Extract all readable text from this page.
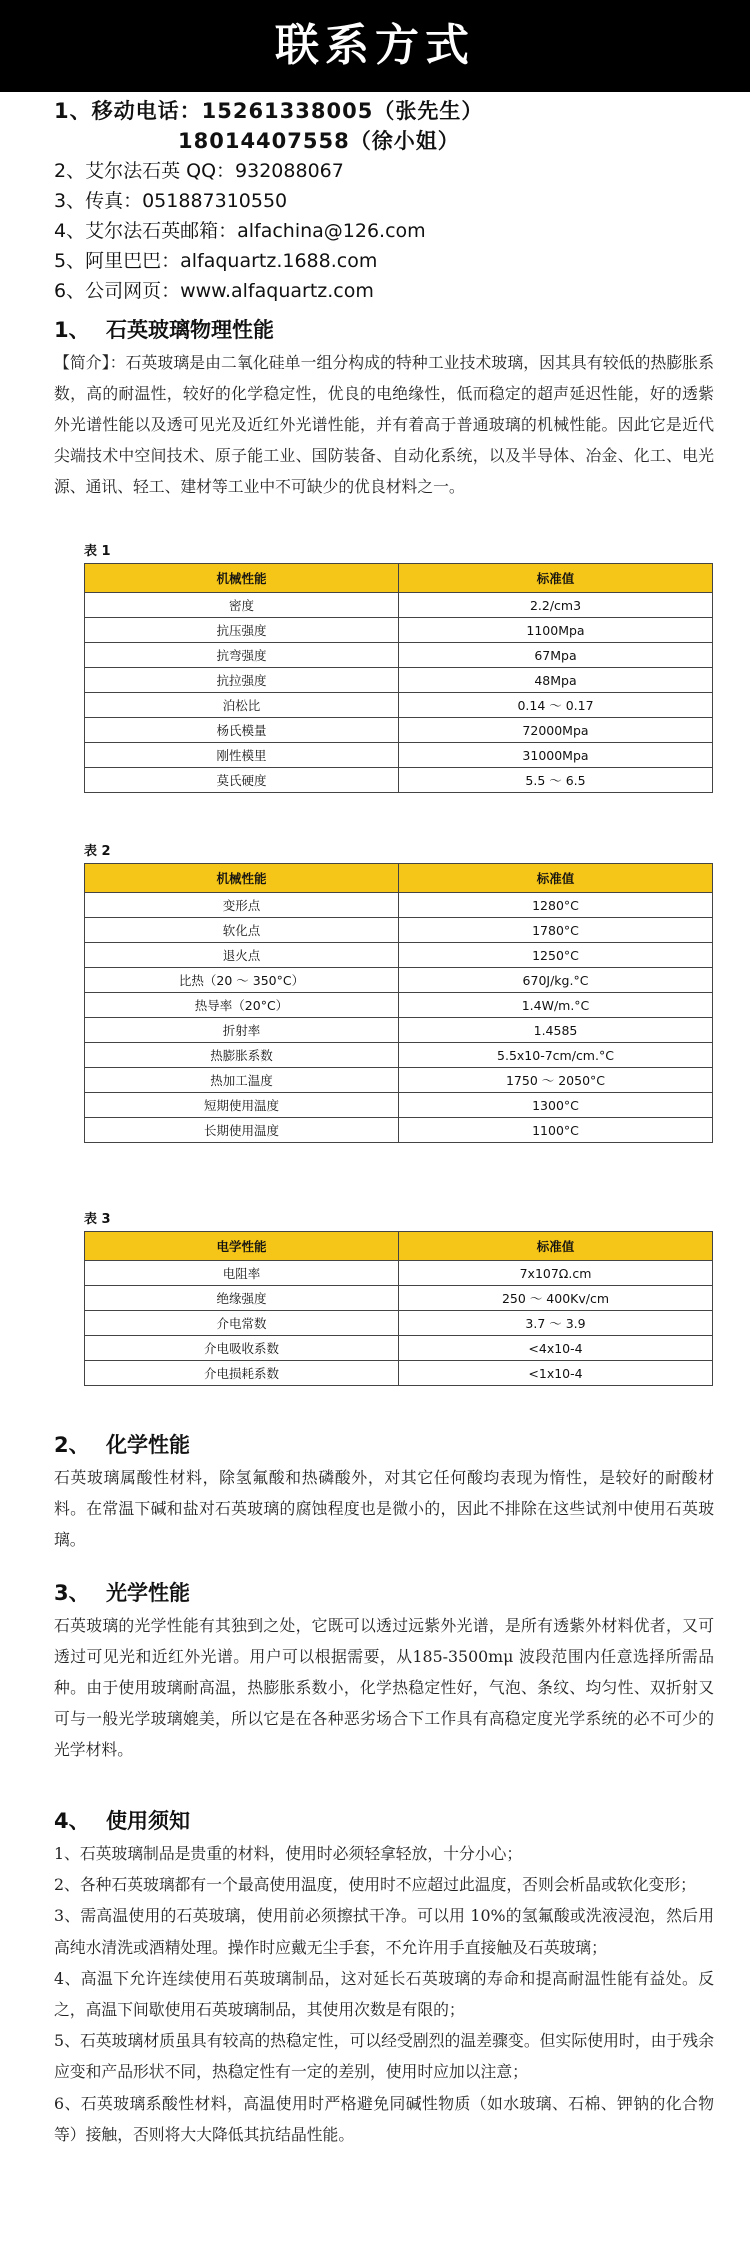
联系方式
1、移动电话：15261338005（张先生）
18014407558（徐小姐）
2、艾尔法石英 QQ：932088067
3、传真：051887310550
4、艾尔法石英邮箱：alfachina@126.com
5、阿里巴巴：alfaquartz.1688.com
6、公司网页：www.alfaquartz.com
1、 石英玻璃物理性能

【简介】：石英玻璃是由二氧化硅单一组分构成的特种工业技术玻璃，因其具有较低的热膨胀系数，高的耐温性，较好的化学稳定性，优良的电绝缘性，低而稳定的超声延迟性能，好的透紫外光谱性能以及透可见光及近红外光谱性能，并有着高于普通玻璃的机械性能。因此它是近代尖端技术中空间技术、原子能工业、国防装备、自动化系统，以及半导体、冶金、化工、电光源、通讯、轻工、建材等工业中不可缺少的优良材料之一。

表 1
机械性能	标准值
密度	2.2/cm3
抗压强度	1100Mpa
抗弯强度	67Mpa
抗拉强度	48Mpa
泊松比	0.14 ～ 0.17
杨氏模量	72000Mpa
刚性模里	31000Mpa
莫氏硬度	5.5 ～ 6.5
表 2
机械性能	标准值
变形点	1280°C
软化点	1780°C
退火点	1250°C
比热（20 ～ 350°C）	670J/kg.°C
热导率（20°C）	1.4W/m.°C
折射率	1.4585
热膨胀系数	5.5x10-7cm/cm.°C
热加工温度	1750 ～ 2050°C
短期使用温度	1300°C
长期使用温度	1100°C
表 3
电学性能	标准值
电阻率	7x107Ω.cm
绝缘强度	250 ～ 400Kv/cm
介电常数	3.7 ～ 3.9
介电吸收系数	<4x10-4
介电损耗系数	<1x10-4
2、 化学性能

石英玻璃属酸性材料，除氢氟酸和热磷酸外，对其它任何酸均表现为惰性，是较好的耐酸材料。在常温下碱和盐对石英玻璃的腐蚀程度也是微小的，因此不排除在这些试剂中使用石英玻璃。

3、 光学性能

石英玻璃的光学性能有其独到之处，它既可以透过远紫外光谱，是所有透紫外材料优者，又可透过可见光和近红外光谱。用户可以根据需要，从185-3500mμ 波段范围内任意选择所需品种。由于使用玻璃耐高温，热膨胀系数小，化学热稳定性好，气泡、条纹、均匀性、双折射又可与一般光学玻璃媲美，所以它是在各种恶劣场合下工作具有高稳定度光学系统的必不可少的光学材料。

4、 使用须知

1、石英玻璃制品是贵重的材料，使用时必须轻拿轻放，十分小心；

2、各种石英玻璃都有一个最高使用温度，使用时不应超过此温度，否则会析晶或软化变形；

3、需高温使用的石英玻璃，使用前必须擦拭干净。可以用 10%的氢氟酸或洗液浸泡，然后用高纯水清洗或酒精处理。操作时应戴无尘手套，不允许用手直接触及石英玻璃；

4、高温下允许连续使用石英玻璃制品，这对延长石英玻璃的寿命和提高耐温性能有益处。反之，高温下间歇使用石英玻璃制品，其使用次数是有限的；

5、石英玻璃材质虽具有较高的热稳定性，可以经受剧烈的温差骤变。但实际使用时，由于残余应变和产品形状不同，热稳定性有一定的差别，使用时应加以注意；

6、石英玻璃系酸性材料，高温使用时严格避免同碱性物质（如水玻璃、石棉、钾钠的化合物等）接触，否则将大大降低其抗结晶性能。
